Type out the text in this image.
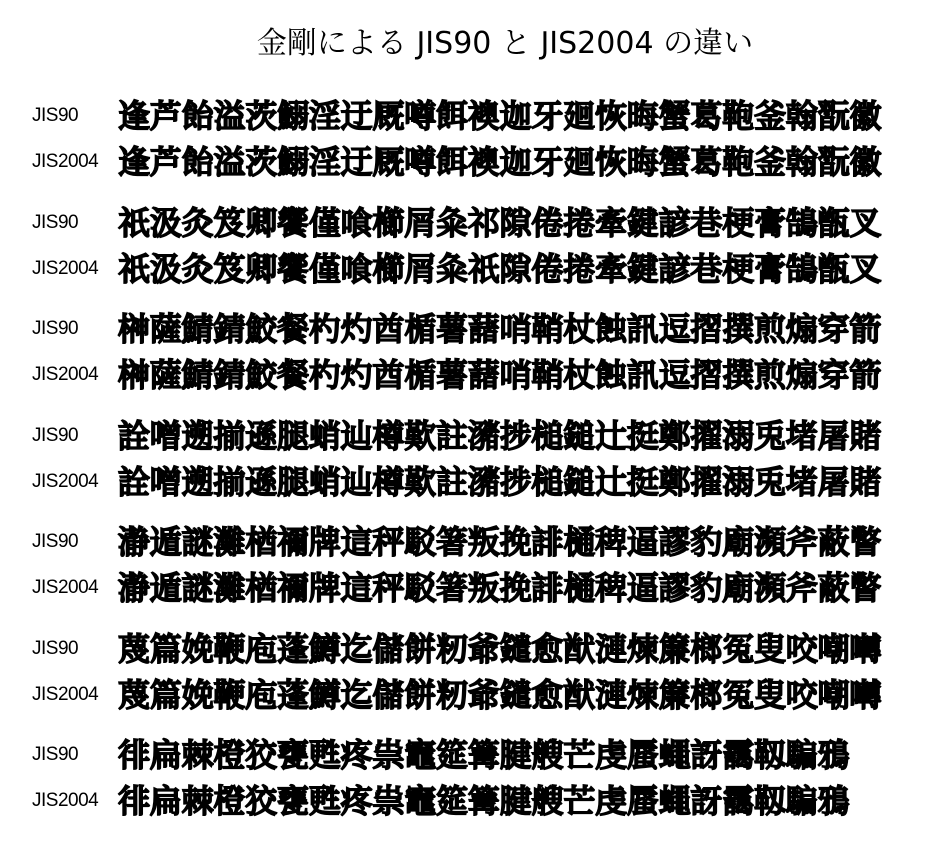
金剛による JIS90 と JIS2004 の違い
JIS90	逢芦飴溢茨鰯淫迂厩噂餌襖迦牙廻恢晦蟹葛鞄釜翰翫徽
JIS2004 逢芦飴溢茨鰯淫迂厩噂餌襖迦牙廻恢晦蟹葛鞄釜翰翫徽
JIS90	祇汲灸笈卿饗僅喰櫛屑粂祁隙倦捲牽鍵諺巷梗膏鵠甑叉
JIS2004 祇汲灸笈卿饗僅喰櫛屑粂祇隙倦捲牽鍵諺巷梗膏鵠甑叉
JIS90	榊薩鯖錆鮫餐杓灼酋楯薯藷哨鞘杖蝕訊逗摺撰煎煽穿箭
JIS2004 榊薩鯖錆鮫餐杓灼酋楯薯藷哨鞘杖蝕訊逗摺撰煎煽穿箭
JIS90	詮噌遡揃遜腿蛸辿樽歎註瀦捗槌鎚辻挺鄭擢溺兎堵屠賭
JIS2004 詮噌遡揃遜腿蛸辿樽歎註瀦捗槌鎚辻挺鄭擢溺兎堵屠賭
JIS90	瀞遁謎灘楢禰牌這秤駁箸叛挽誹樋稗逼謬豹廟瀕斧蔽瞥
JIS2004 瀞遁謎灘楢禰牌這秤駁箸叛挽誹樋稗逼謬豹廟瀕斧蔽瞥
JIS90	蔑篇娩鞭庖蓬鱒迄儲餅籾爺鑓愈猷漣煉簾榔冤叟咬嘲囀
JIS2004 蔑篇娩鞭庖蓬鱒迄儲餅籾爺鑓愈猷漣煉簾榔冤叟咬嘲囀
JIS90	徘扁棘橙狡甕甦疼祟竈筵篝腱艘芒虔蜃蠅訝靄靱騙鴉
JIS2004 徘扁棘橙狡甕甦疼祟竈筵篝腱艘芒虔蜃蠅訝靄靱騙鴉
